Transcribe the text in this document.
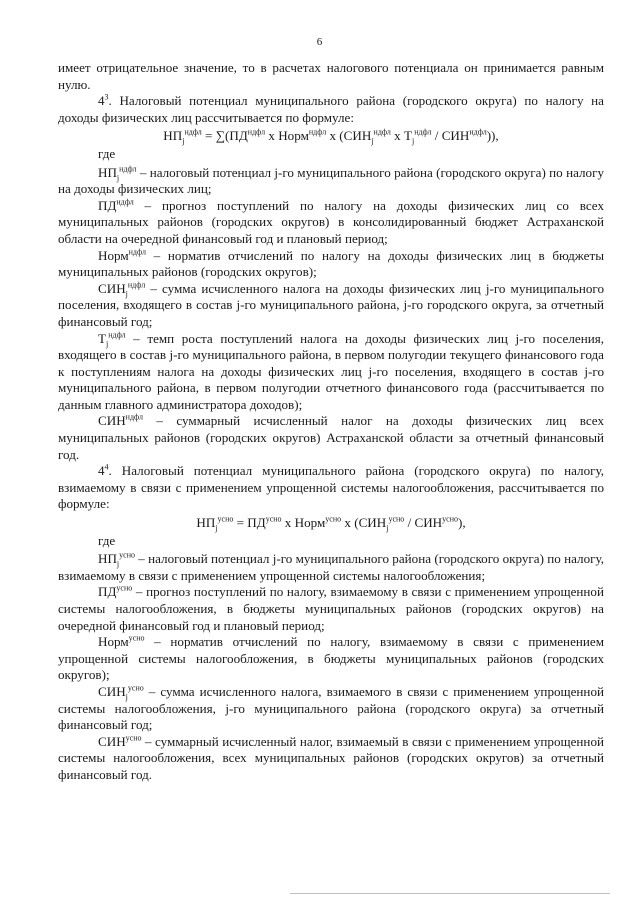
6

имеет отрицательное значение, то в расчетах налогового потенциала он принимается равным нулю.

$4^3$. Налоговый потенциал муниципального района (городского округа) по налогу на доходы физических лиц рассчитывается по формуле:

$НП_j^{ндфл} = \sum(ПД^{ндфл}$ х Норм$^{ндфл}$ х ($СИН_j^{ндфл}$ х $Т_j^{ндфл} / СИН^{ндфл}$)),

где

$НП_j^{ндфл}$ – налоговый потенциал j-го муниципального района (городского округа) по налогу на доходы физических лиц;

$ПД^{ндфл}$ – прогноз поступлений по налогу на доходы физических лиц со всех муниципальных районов (городских округов) в консолидированный бюджет Астраханской области на очередной финансовый год и плановый период;

Норм$^{ндфл}$ – норматив отчислений по налогу на доходы физических лиц в бюджеты муниципальных районов (городских округов);

$СИН_j^{ндфл}$ – сумма исчисленного налога на доходы физических лиц j-го муниципального поселения, входящего в состав j-го муниципального района, j-го городского округа, за отчетный финансовый год;

$Т_j^{ндфл}$ – темп роста поступлений налога на доходы физических лиц j-го поселения, входящего в состав j-го муниципального района, в первом полугодии текущего финансового года к поступлениям налога на доходы физических лиц j-го поселения, входящего в состав j-го муниципального района, в первом полугодии отчетного финансового года (рассчитывается по данным главного администратора доходов);

$СИН^{ндфл}$ – суммарный исчисленный налог на доходы физических лиц всех муниципальных районов (городских округов) Астраханской области за отчетный финансовый год.

$4^4$. Налоговый потенциал муниципального района (городского округа) по налогу, взимаемому в связи с применением упрощенной системы налогообложения, рассчитывается по формуле:

$НП_j^{усно} = ПД^{усно}$ х Норм$^{усно}$ х $(СИН_j^{усно} / СИН^{усно})$,

где

$НП_j^{усно}$ – налоговый потенциал j-го муниципального района (городского округа) по налогу, взимаемому в связи с применением упрощенной системы налогообложения;

$ПД^{усно}$ – прогноз поступлений по налогу, взимаемому в связи с применением упрощенной системы налогообложения, в бюджеты муниципальных районов (городских округов) на очередной финансовый год и плановый период;

Норм$^{усно}$ – норматив отчислений по налогу, взимаемому в связи с применением упрощенной системы налогообложения, в бюджеты муниципальных районов (городских округов);

$СИН_j^{усно}$ – сумма исчисленного налога, взимаемого в связи с применением упрощенной системы налогообложения, j-го муниципального района (городского округа) за отчетный финансовый год;

$СИН^{усно}$ – суммарный исчисленный налог, взимаемый в связи с применением упрощенной системы налогообложения, всех муниципальных районов (городских округов) за отчетный финансовый год.
